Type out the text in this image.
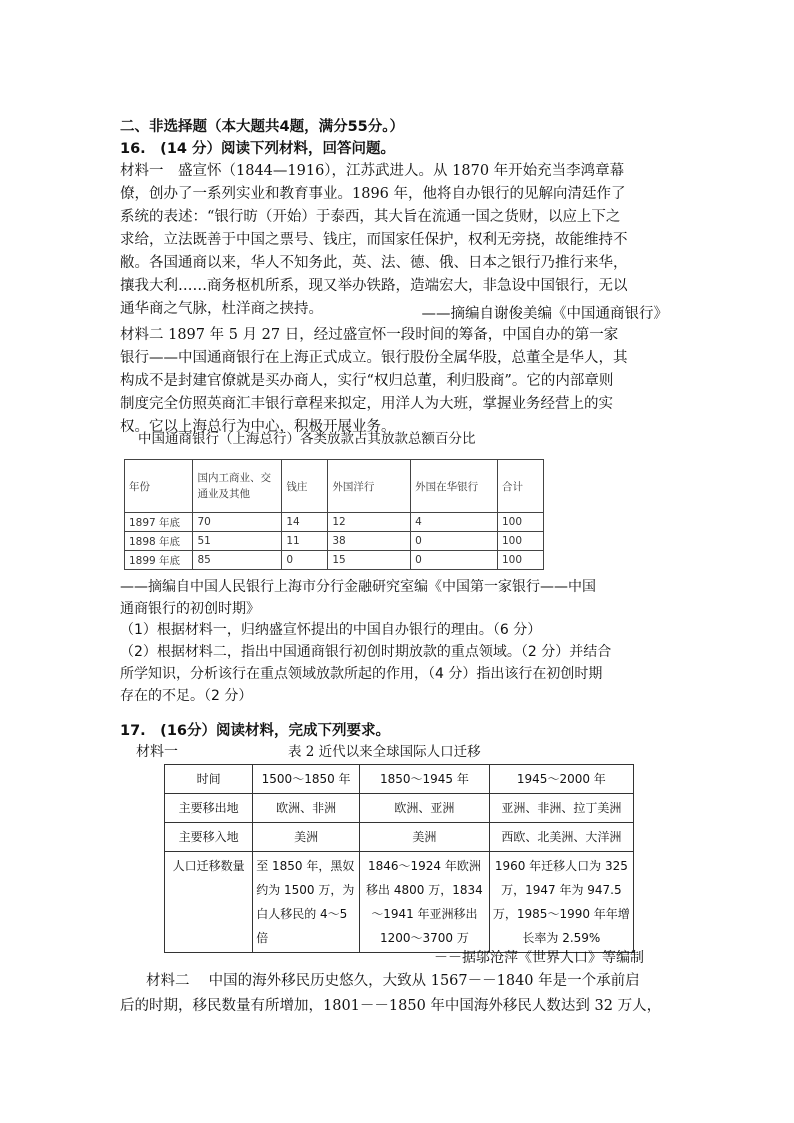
二、非选择题（本大题共4题，满分55分。）
16.　(14 分）阅读下列材料，回答问题。
材料一　盛宣怀（1844—1916），江苏武进人。从 1870 年开始充当李鸿章幕
僚，创办了一系列实业和教育事业。1896 年，他将自办银行的见解向清廷作了
系统的表述：“银行昉（开始）于泰西，其大旨在流通一国之货财，以应上下之
求给，立法既善于中国之票号、钱庄，而国家任保护，权利无旁挠，故能维持不
敝。各国通商以来，华人不知务此，英、法、德、俄、日本之银行乃推行来华，
攘我大利……商务枢机所系，现又举办铁路，造端宏大，非急设中国银行，无以
通华商之气脉，杜洋商之挟持。	——摘编自谢俊美编《中国通商银行》
材料二 1897 年 5 月 27 日，经过盛宣怀一段时间的筹备，中国自办的第一家
银行——中国通商银行在上海正式成立。银行股份全属华股，总董全是华人，其
构成不是封建官僚就是买办商人，实行“权归总董，利归股商”。它的内部章则
制度完全仿照英商汇丰银行章程来拟定，用洋人为大班，掌握业务经营上的实
权。它以上海总行为中心，积极开展业务。
中国通商银行（上海总行）各类放款占其放款总额百分比
年份	国内工商业、交通业及其他	钱庄	外国洋行	外国在华银行	合计
1897 年底	70	14	12	4	100
1898 年底	51	11	38	0	100
1899 年底	85	0	15	0	100
——摘编自中国人民银行上海市分行金融研究室编《中国第一家银行——中国
通商银行的初创时期》
（1）根据材料一，归纳盛宣怀提出的中国自办银行的理由。（6 分）
（2）根据材料二，指出中国通商银行初创时期放款的重点领域。（2 分）并结合
所学知识，分析该行在重点领域放款所起的作用，（4 分）指出该行在初创时期
存在的不足。（2 分）
17.　(16分）阅读材料，完成下列要求。
材料一	表 2 近代以来全球国际人口迁移
时间	1500～1850 年	1850～1945 年	1945～2000 年
主要移出地	欧洲、非洲	欧洲、亚洲	亚洲、非洲、拉丁美洲
主要移入地	美洲	美洲	西欧、北美洲、大洋洲
人口迁移数量	至 1850 年，黑奴约为 1500 万，为白人移民的 4～5 倍	1846～1924 年欧洲移出 4800 万，1834～1941 年亚洲移出 1200～3700 万	1960 年迁移人口为 325 万，1947 年为 947.5 万，1985～1990 年年增长率为 2.59%
－－据邬沧萍《世界人口》等编制
材料二　 中国的海外移民历史悠久，大致从 1567－－1840 年是一个承前启
后的时期，移民数量有所增加，1801－－1850 年中国海外移民人数达到 32 万人，
